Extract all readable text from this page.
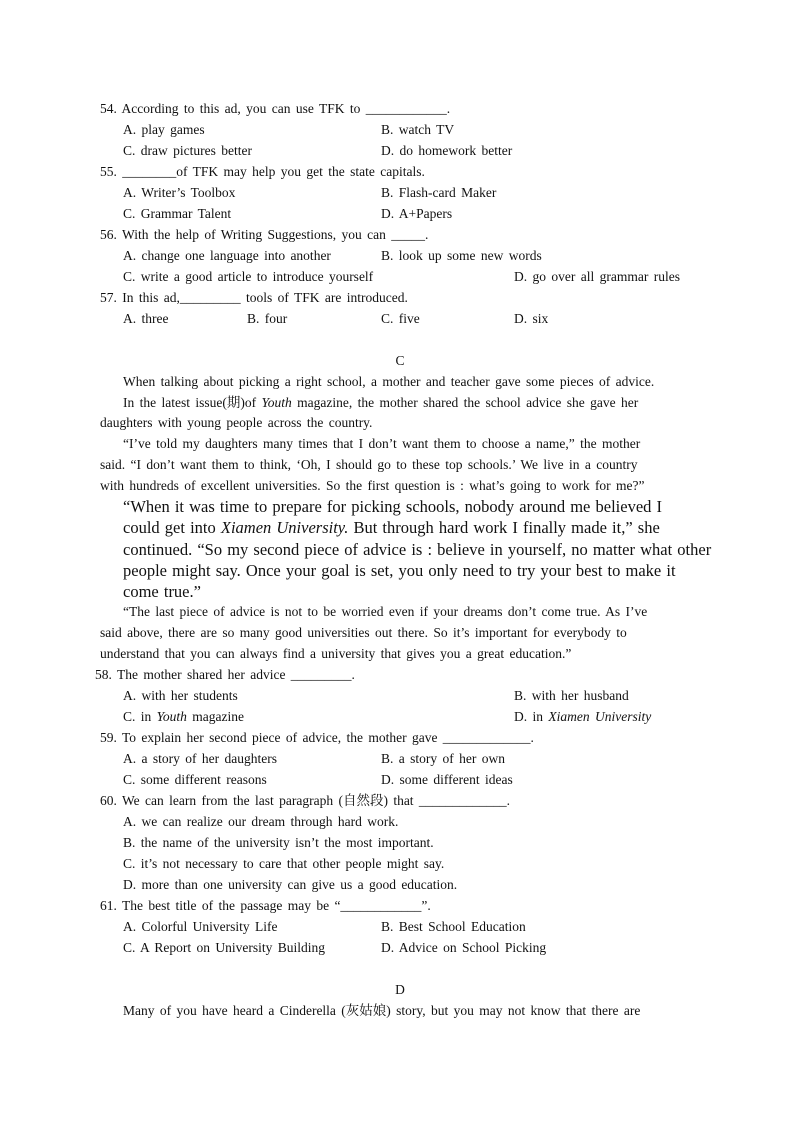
54. According to this ad, you can use TFK to ____________.
A. play games	B. watch TV
C. draw pictures better	D. do homework better
55. ________of TFK may help you get the state capitals.
A. Writer’s Toolbox	B. Flash-card Maker
C. Grammar Talent	D. A+Papers
56. With the help of Writing Suggestions, you can _____.
A. change one language into another	B. look up some new words
C. write a good article to introduce yourself	D. go over all grammar rules
57. In this ad,_________ tools of TFK are introduced.
A. three	B. four	C. five	D. six
C
When talking about picking a right school, a mother and teacher gave some pieces of advice.
In the latest issue(期)of Youth magazine, the mother shared the school advice she gave her
daughters with young people across the country.
“I’ve told my daughters many times that I don’t want them to choose a name,” the mother
said. “I don’t want them to think, ‘Oh, I should go to these top schools.’ We live in a country
with hundreds of excellent universities. So the first question is : what’s going to work for me?”
“When it was time to prepare for picking schools, nobody around me believed I
could get into Xiamen University. But through hard work I finally made it,” she
continued. “So my second piece of advice is : believe in yourself, no matter what other
people might say. Once your goal is set, you only need to try your best to make it
come true.”
“The last piece of advice is not to be worried even if your dreams don’t come true. As I’ve
said above, there are so many good universities out there. So it’s important for everybody to
understand that you can always find a university that gives you a great education.”
58. The mother shared her advice _________.
A. with her students	B. with her husband
C. in Youth magazine	D. in Xiamen University
59. To explain her second piece of advice, the mother gave _____________.
A. a story of her daughters	B. a story of her own
C. some different reasons	D. some different ideas
60. We can learn from the last paragraph (自然段) that _____________.
A. we can realize our dream through hard work.
B. the name of the university isn’t the most important.
C. it’s not necessary to care that other people might say.
D. more than one university can give us a good education.
61. The best title of the passage may be “____________”.
A. Colorful University Life	B. Best School Education
C. A Report on University Building	D. Advice on School Picking
D
Many of you have heard a Cinderella (灰姑娘) story, but you may not know that there are
